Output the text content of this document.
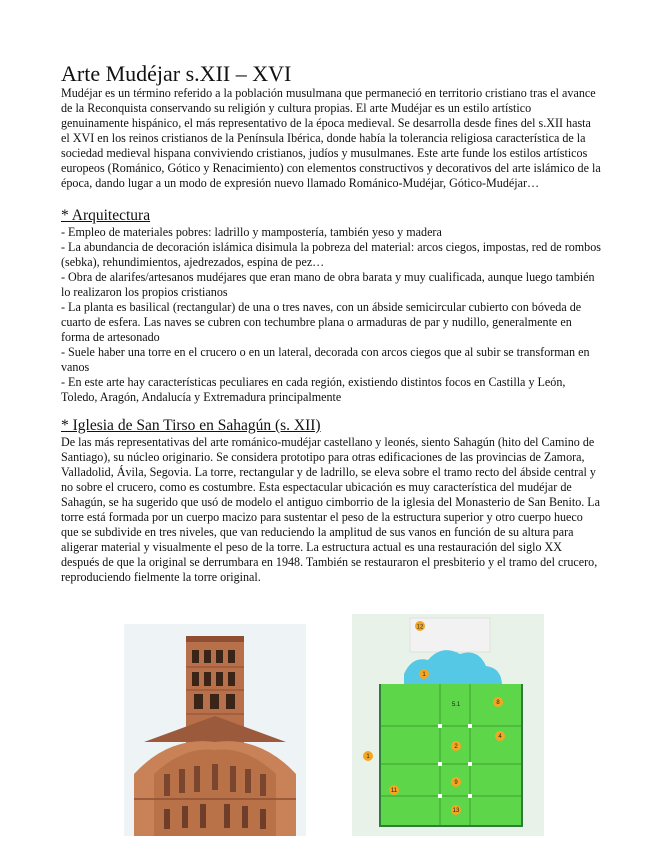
Arte Mudéjar s.XII – XVI

Mudéjar es un término referido a la población musulmana que permaneció en territorio cristiano tras el avance de la Reconquista conservando su religión y cultura propias. El arte Mudéjar es un estilo artístico genuinamente hispánico, el más representativo de la época medieval. Se desarrolla desde fines del s.XII hasta el XVI en los reinos cristianos de la Península Ibérica, donde había la tolerancia religiosa característica de la sociedad medieval hispana conviviendo cristianos, judíos y musulmanes. Este arte funde los estilos artísticos europeos (Románico, Gótico y Renacimiento) con elementos constructivos y decorativos del arte islámico de la época, dando lugar a un modo de expresión nuevo llamado Románico-Mudéjar, Gótico-Mudéjar…

* Arquitectura

- Empleo de materiales pobres: ladrillo y mampostería, también yeso y madera

- La abundancia de decoración islámica disimula la pobreza del material: arcos ciegos, impostas, red de rombos (sebka), rehundimientos, ajedrezados, espina de pez…

- Obra de alarifes/artesanos mudéjares que eran mano de obra barata y muy cualificada, aunque luego también lo realizaron los propios cristianos

- La planta es basilical (rectangular) de una o tres naves, con un ábside semicircular cubierto con bóveda de cuarto de esfera. Las naves se cubren con techumbre plana o armaduras de par y nudillo, generalmente en forma de artesonado

- Suele haber una torre en el crucero o en un lateral, decorada con arcos ciegos que al subir se transforman en vanos

- En este arte hay características peculiares en cada región, existiendo distintos focos en Castilla y León, Toledo, Aragón, Andalucía y Extremadura principalmente

* Iglesia de San Tirso en Sahagún (s. XII)

De las más representativas del arte románico-mudéjar castellano y leonés, siento Sahagún (hito del Camino de Santiago), su núcleo originario. Se considera prototipo para otras edificaciones de las provincias de Zamora, Valladolid, Ávila, Segovia. La torre, rectangular y de ladrillo, se eleva sobre el tramo recto del ábside central y no sobre el crucero, como es costumbre. Esta espectacular ubicación es muy característica del mudéjar de Sahagún, se ha sugerido que usó de modelo el antiguo cimborrio de la iglesia del Monasterio de San Benito. La torre está formada por un cuerpo macizo para sustentar el peso de la estructura superior y otro cuerpo hueco que se subdivide en tres niveles, que van reduciendo la amplitud de sus vanos en función de su altura para aligerar material y visualmente el peso de la torre. La estructura actual es una restauración del siglo XX después de que la original se derrumbara en 1948. También se restauraron el presbiterio y el tramo del crucero, reproduciendo fielmente la torre original.

12
1
5.1
2
4
8
11
9
13
1
